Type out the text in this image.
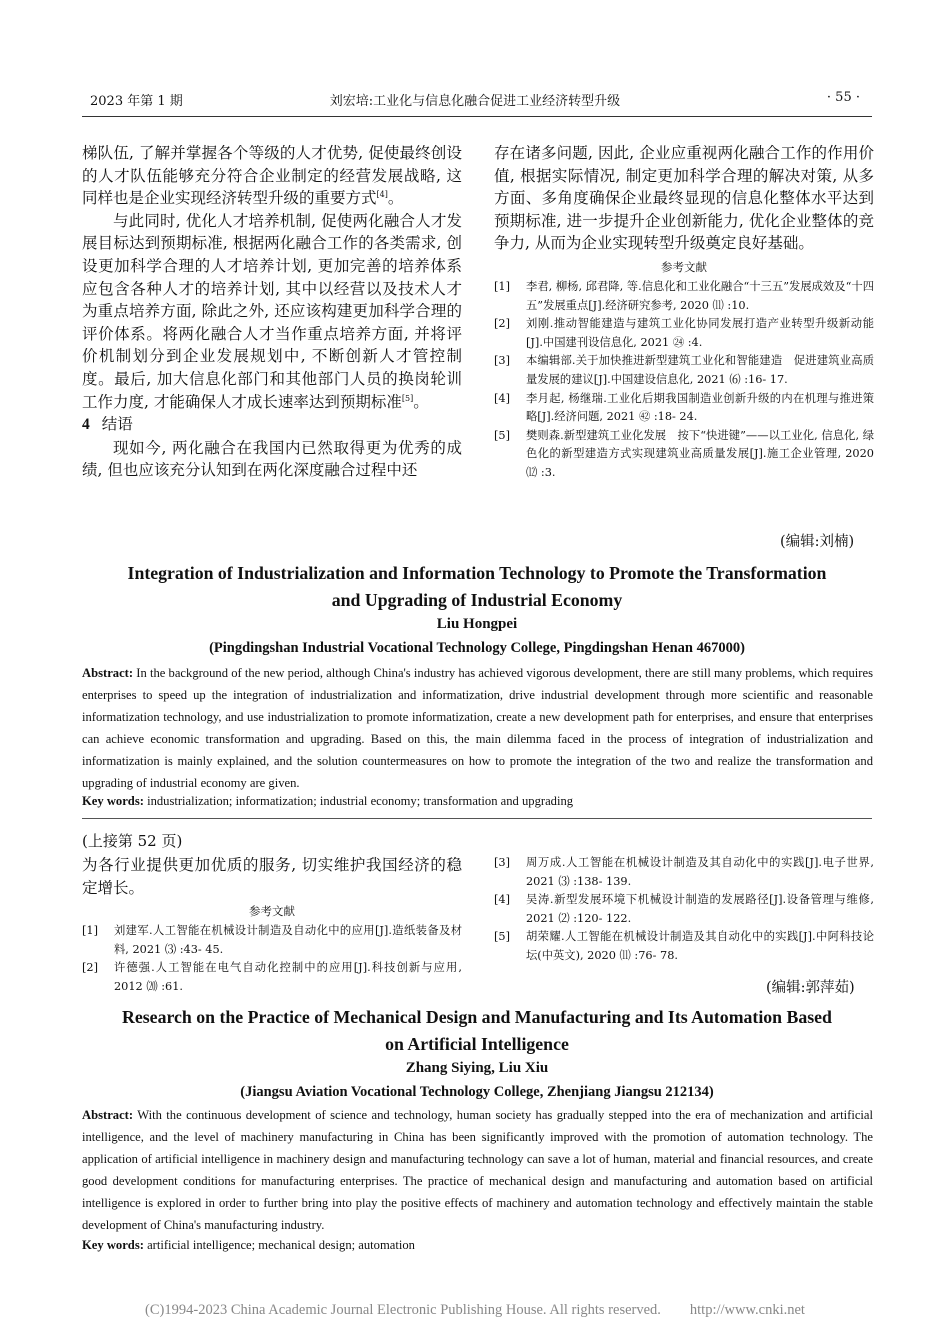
2023 年第 1 期	刘宏培:工业化与信息化融合促进工业经济转型升级	· 55 ·

梯队伍, 了解并掌握各个等级的人才优势, 促使最终创设的人才队伍能够充分符合企业制定的经营发展战略, 这同样也是企业实现经济转型升级的重要方式[4]。

与此同时, 优化人才培养机制, 促使两化融合人才发展目标达到预期标准, 根据两化融合工作的各类需求, 创设更加科学合理的人才培养计划, 更加完善的培养体系应包含各种人才的培养计划, 其中以经营以及技术人才为重点培养方面, 除此之外, 还应该构建更加科学合理的评价体系。将两化融合人才当作重点培养方面, 并将评价机制划分到企业发展规划中, 不断创新人才管控制度。最后, 加大信息化部门和其他部门人员的换岗轮训工作力度, 才能确保人才成长速率达到预期标准[5]。

4 结语

现如今, 两化融合在我国内已然取得更为优秀的成绩, 但也应该充分认知到在两化深度融合过程中还

存在诸多问题, 因此, 企业应重视两化融合工作的作用价值, 根据实际情况, 制定更加科学合理的解决对策, 从多方面、多角度确保企业最终显现的信息化整体水平达到预期标准, 进一步提升企业创新能力, 优化企业整体的竞争力, 从而为企业实现转型升级奠定良好基础。

参考文献

[1]	李君, 柳杨, 邱君降, 等.信息化和工业化融合“十三五”发展成效及“十四五”发展重点[J].经济研究参考, 2020 ⑾ :10.
[2]	刘刚.推动智能建造与建筑工业化协同发展打造产业转型升级新动能[J].中国建刊设信息化, 2021 ㉔ :4.
[3]	本编辑部.关于加快推进新型建筑工业化和智能建造　促进建筑业高质量发展的建议[J].中国建设信息化, 2021 ⑹ :16- 17.
[4]	李月起, 杨继瑞.工业化后期我国制造业创新升级的内在机理与推进策略[J].经济问题, 2021 ㊷ :18- 24.
[5]	樊则森.新型建筑工业化发展　按下“快进键”——以工业化, 信息化, 绿色化的新型建造方式实现建筑业高质量发展[J].施工企业管理, 2020 ⑿ :3.
(编辑:刘楠)
Integration of Industrialization and Information Technology to Promote the Transformation
and Upgrading of Industrial Economy
Liu Hongpei
(Pingdingshan Industrial Vocational Technology College, Pingdingshan Henan 467000)
Abstract: In the background of the new period, although China's industry has achieved vigorous development, there are still many problems, which requires enterprises to speed up the integration of industrialization and informatization, drive industrial development through more scientific and reasonable informatization technology, and use industrialization to promote informatization, create a new development path for enterprises, and ensure that enterprises can achieve economic transformation and upgrading. Based on this, the main dilemma faced in the process of integration of industrialization and informatization is mainly explained, and the solution countermeasures on how to promote the integration of the two and realize the transformation and upgrading of industrial economy are given.
Key words: industrialization; informatization; industrial economy; transformation and upgrading
(上接第 52 页)

为各行业提供更加优质的服务, 切实维护我国经济的稳定增长。

参考文献

[1]	刘建军.人工智能在机械设计制造及自动化中的应用[J].造纸装备及材料, 2021 ⑶ :43- 45.
[2]	许德强.人工智能在电气自动化控制中的应用[J].科技创新与应用, 2012 ⒇ :61.
[3]	周万成.人工智能在机械设计制造及其自动化中的实践[J].电子世界, 2021 ⑶ :138- 139.
[4]	吴涛.新型发展环境下机械设计制造的发展路径[J].设备管理与维修, 2021 ⑵ :120- 122.
[5]	胡荣耀.人工智能在机械设计制造及其自动化中的实践[J].中阿科技论坛(中英文), 2020 ⑾ :76- 78.
(编辑:郭萍茹)
Research on the Practice of Mechanical Design and Manufacturing and Its Automation Based
on Artificial Intelligence
Zhang Siying, Liu Xiu
(Jiangsu Aviation Vocational Technology College, Zhenjiang Jiangsu 212134)
Abstract: With the continuous development of science and technology, human society has gradually stepped into the era of mechanization and artificial intelligence, and the level of machinery manufacturing in China has been significantly improved with the promotion of automation technology. The application of artificial intelligence in machinery design and manufacturing technology can save a lot of human, material and financial resources, and create good development conditions for manufacturing enterprises. The practice of mechanical design and manufacturing and automation based on artificial intelligence is explored in order to further bring into play the positive effects of machinery and automation technology and effectively maintain the stable development of China's manufacturing industry.
Key words: artificial intelligence; mechanical design; automation
(C)1994-2023 China Academic Journal Electronic Publishing House. All rights reserved.　　http://www.cnki.net
